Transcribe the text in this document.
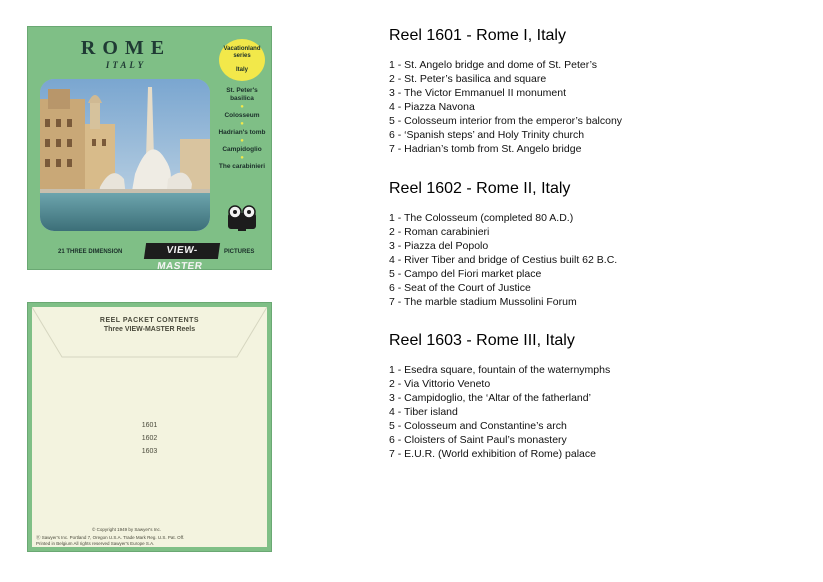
ROME
ITALY
Vacationland
series
●
Italy
St. Peter's basilica
●
Colosseum
●
Hadrian's tomb
●
Campidoglio
●
The carabinieri
21 THREE DIMENSION	VIEW-MASTER
PICTURES
REEL PACKET CONTENTS
Three VIEW-MASTER Reels
1601
1602
1603
© Copyright 1949 by Sawyer's Inc.
Ⓡ Sawyer's Inc. Portland 7, Oregon U.S.A. Trade Mark Reg. U.S. Pat. Off.
Printed in Belgium All rights reserved Sawyer's Europe S.A.
Reel 1601 - Rome I, Italy
1 - St. Angelo bridge and dome of St. Peter’s
2 - St. Peter’s basilica and square
3 - The Victor Emmanuel II monument
4 - Piazza Navona
5 - Colosseum interior from the emperor’s balcony
6 - ‘Spanish steps’ and Holy Trinity church
7 - Hadrian’s tomb from St. Angelo bridge
Reel 1602 - Rome II, Italy
1 - The Colosseum (completed 80 A.D.)
2 - Roman carabinieri
3 - Piazza del Popolo
4 - River Tiber and bridge of Cestius built 62 B.C.
5 - Campo del Fiori market place
6 - Seat of the Court of Justice
7 - The marble stadium Mussolini Forum
Reel 1603 - Rome III, Italy
1 - Esedra square, fountain of the waternymphs
2 - Via Vittorio Veneto
3 - Campidoglio, the ‘Altar of the fatherland’
4 - Tiber island
5 - Colosseum and Constantine’s arch
6 - Cloisters of Saint Paul’s monastery
7 - E.U.R. (World exhibition of Rome) palace
